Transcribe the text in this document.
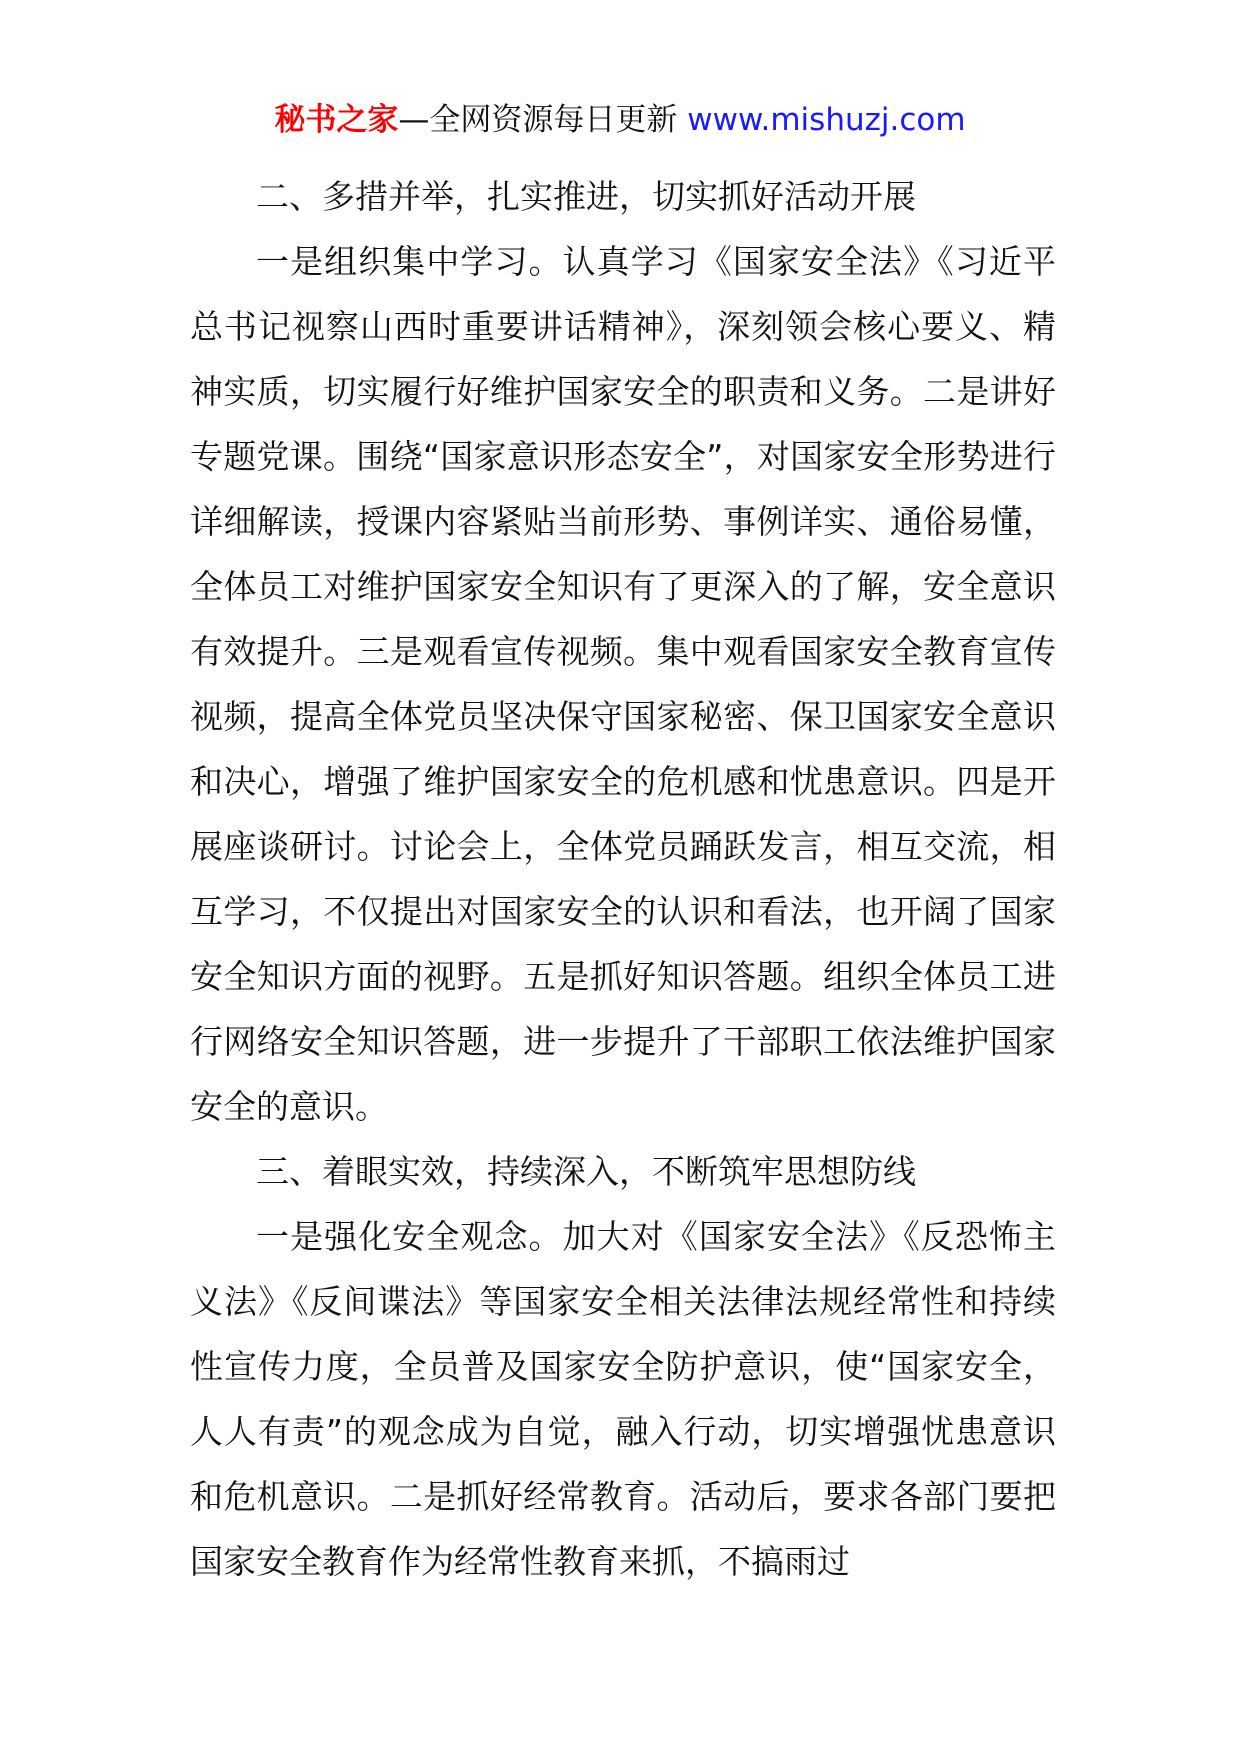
秘书之家—全网资源每日更新 www.mishuzj.com

二、多措并举，扎实推进，切实抓好活动开展

一是组织集中学习。认真学习《国家安全法》《习近平总书记视察山西时重要讲话精神》，深刻领会核心要义、精神实质，切实履行好维护国家安全的职责和义务。二是讲好专题党课。围绕“国家意识形态安全”，对国家安全形势进行详细解读，授课内容紧贴当前形势、事例详实、通俗易懂，全体员工对维护国家安全知识有了更深入的了解，安全意识有效提升。三是观看宣传视频。集中观看国家安全教育宣传视频，提高全体党员坚决保守国家秘密、保卫国家安全意识和决心，增强了维护国家安全的危机感和忧患意识。四是开展座谈研讨。讨论会上，全体党员踊跃发言，相互交流，相互学习，不仅提出对国家安全的认识和看法，也开阔了国家安全知识方面的视野。五是抓好知识答题。组织全体员工进行网络安全知识答题，进一步提升了干部职工依法维护国家安全的意识。

三、着眼实效，持续深入，不断筑牢思想防线

一是强化安全观念。加大对《国家安全法》《反恐怖主义法》《反间谍法》等国家安全相关法律法规经常性和持续性宣传力度，全员普及国家安全防护意识，使“国家安全，人人有责”的观念成为自觉，融入行动，切实增强忧患意识和危机意识。二是抓好经常教育。活动后，要求各部门要把国家安全教育作为经常性教育来抓，不搞雨过
